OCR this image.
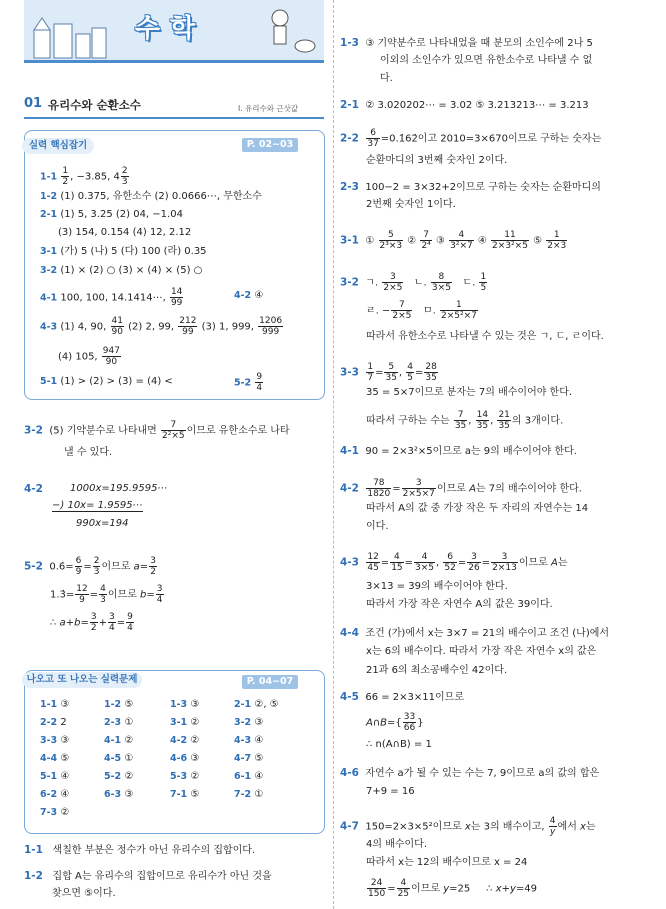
수학
01 유리수와 순환소수	Ⅰ. 유리수와 근삿값
실력 핵심잡기	P. 02~03
$1-1 \frac{1}{2}$ , −3.85, $4 \frac{2}{3}$
1-2 (1) 0.375, 유한소수 (2) 0.0666⋯, 무한소수
2-1 (1) 5, 3.25 (2) 04, −1.04
(3) 154, 0.154 (4) 12, 2.12
3-1 (가) 5 (나) 5 (다) 100 (라) 0.35
3-2 (1) × (2) ○ (3) × (4) × (5) ○
4-1 100, 100, 14.1414⋯, $\frac{14}{99}$	4-2 ④
4-3 (1) 4, 90, $\frac{41}{90} (2)$ 2, 99, $\frac{212}{99} (3)$ 1, 999, $\frac{1206}{999}$
(4) 105, $\frac{947}{90}$
5-1 (1) > (2) > (3) = (4) <	$5-2 \frac{9}{4}$
3-2 (5) 기약분수로 나타내면 $\frac{7}{\text{2²×5}}$ 이므로 유한소수로 나타
낼 수 있다.
4-2	1000x=195.9595⋯
−) 10x= 1.9595⋯
990x=194
5-2  0.6̇= $\frac{6}{9} = \frac{2}{3}$ 이므로 $a= \frac{3}{2}$
1.3̇= $\frac{12}{9} = \frac{4}{3}$ 이므로 $b= \frac{3}{4}$
∴ $a+b= \frac{3}{2} + \frac{3}{4} = \frac{9}{4}$
나오고 또 나오는 실력문제	P. 04~07
1-1 ③	1-2 ⑤	1-3 ③	2-1 ②, ⑤
2-2 2	2-3 ①	3-1 ②	3-2 ③
3-3 ③	4-1 ②	4-2 ②	4-3 ④
4-4 ⑤	4-5 ①	4-6 ③	4-7 ⑤
5-1 ④	5-2 ②	5-3 ②	6-1 ④
6-2 ④	6-3 ③	7-1 ⑤	7-2 ①
7-3 ②
1-1 색칠한 부분은 정수가 아닌 유리수의 집합이다.
1-2 집합 A는 유리수의 집합이므로 유리수가 아닌 것을
찾으면 ⑤이다.
1-3 ③ 기약분수로 나타내었을 때 분모의 소인수에 2나 5
이외의 소인수가 있으면 유한소수로 나타낼 수 없
다.
2-1 ② 3.020202⋯ = 3.02 ⑤ 3.213213⋯ = 3.213
$2-2 \frac{6}{37}$ =0.1̇62̇이고 2010=3×670이므로 구하는 숫자는
순환마디의 3번째 숫자인 2이다.
2-3 100−2 = 3×32+2이므로 구하는 숫자는 순환마디의
2번째 숫자인 1이다.
3-1  ① $\frac{5}{\text{2³×3}}$ ② $\frac{7}{\text{2⁴}}$ ③ $\frac{4}{\text{3²×7}}$ ④ $\frac{11}{\text{2×3²×5}}$ ⑤ $\frac{1}{2\times 3}$
3-2  ㄱ. $\frac{3}{2\times 5}$ ㄴ. $\frac{8}{3\times 5}$ ㄷ. $\frac{1}{5}$
ㄹ. − $\frac{7}{2\times 5}$ ㅁ. $\frac{1}{\text{2×5²×7}}$
따라서 유한소수로 나타낼 수 있는 것은 ㄱ, ㄷ, ㄹ이다.
$3-3 \frac{1}{7} = \frac{5}{35}$ , $\frac{4}{5} = \frac{28}{35}$
35 = 5×7이므로 분자는 7의 배수이어야 한다.
따라서 구하는 수는 $\frac{7}{35}$ , $\frac{14}{35}$ , $\frac{21}{35}$ 의 3개이다.
4-1 90 = 2×3²×5이므로 a는 9의 배수이어야 한다.
$4-2 \frac{78}{1820} = \frac{3}{2\times 5\times 7}$ 이므로 A는 7의 배수이어야 한다.
따라서 A의 값 중 가장 작은 두 자리의 자연수는 14
이다.
$4-3 \frac{12}{45} = \frac{4}{15} = \frac{4}{3\times 5}$ , $\frac{6}{52} = \frac{3}{26} = \frac{3}{2\times 13}$ 이므로 A는
3×13 = 39의 배수이어야 한다.
따라서 가장 작은 자연수 A의 값은 39이다.
4-4 조건 (가)에서 x는 3×7 = 21의 배수이고 조건 (나)에서
x는 6의 배수이다. 따라서 가장 작은 자연수 x의 값은
21과 6의 최소공배수인 42이다.
4-5 66 = 2×3×11이므로
A∩B={ $\frac{33}{66}$ }
∴ n(A∩B) = 1
4-6 자연수 a가 될 수 있는 수는 7, 9이므로 a의 값의 합은
7+9 = 16
4-7  150=2×3×5²이므로 x는 3의 배수이고, $\frac{4}{y}$ 에서 x는
4의 배수이다.
따라서 x는 12의 배수이므로 x = 24
$\frac{24}{150} = \frac{4}{25}$ 이므로 y=25     ∴ x+y=49
